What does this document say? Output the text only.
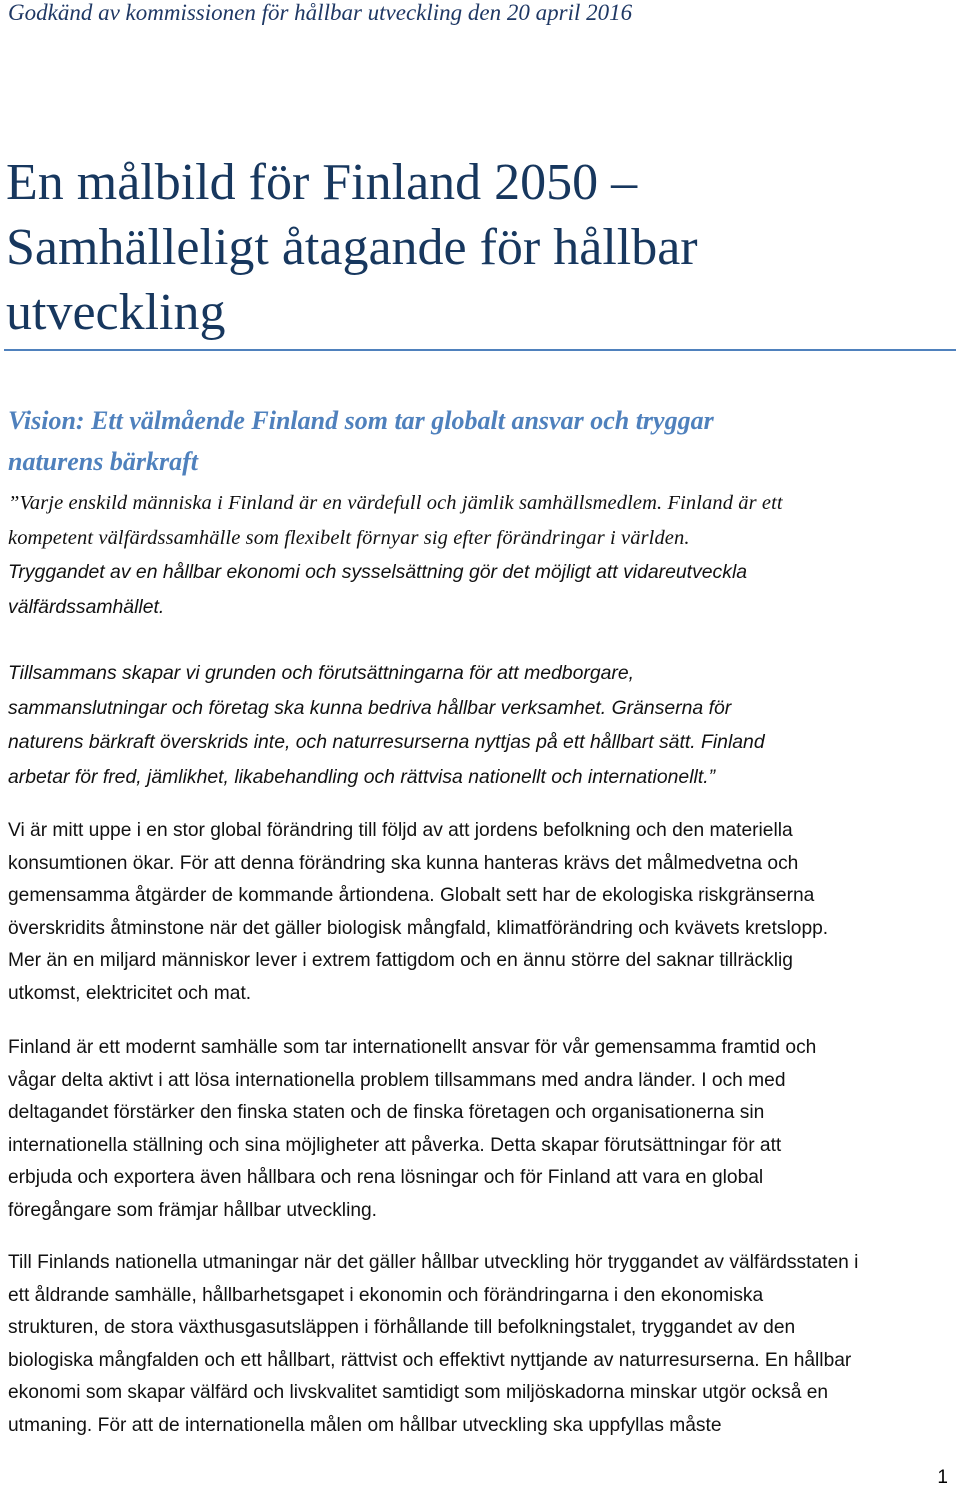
Godkänd av kommissionen för hållbar utveckling den 20 april 2016
En målbild för Finland 2050 –
Samhälleligt åtagande för hållbar
utveckling
Vision: Ett välmående Finland som tar globalt ansvar och tryggar
naturens bärkraft
”Varje enskild människa i Finland är en värdefull och jämlik samhällsmedlem. Finland är ett
kompetent välfärdssamhälle som flexibelt förnyar sig efter förändringar i världen.
Tryggandet av en hållbar ekonomi och sysselsättning gör det möjligt att vidareutveckla
välfärdssamhället.
Tillsammans skapar vi grunden och förutsättningarna för att medborgare,
sammanslutningar och företag ska kunna bedriva hållbar verksamhet. Gränserna för
naturens bärkraft överskrids inte, och naturresurserna nyttjas på ett hållbart sätt. Finland
arbetar för fred, jämlikhet, likabehandling och rättvisa nationellt och internationellt.”
Vi är mitt uppe i en stor global förändring till följd av att jordens befolkning och den materiella
konsumtionen ökar. För att denna förändring ska kunna hanteras krävs det målmedvetna och
gemensamma åtgärder de kommande årtiondena. Globalt sett har de ekologiska riskgränserna
överskridits åtminstone när det gäller biologisk mångfald, klimatförändring och kvävets kretslopp.
Mer än en miljard människor lever i extrem fattigdom och en ännu större del saknar tillräcklig
utkomst, elektricitet och mat.
Finland är ett modernt samhälle som tar internationellt ansvar för vår gemensamma framtid och
vågar delta aktivt i att lösa internationella problem tillsammans med andra länder. I och med
deltagandet förstärker den finska staten och de finska företagen och organisationerna sin
internationella ställning och sina möjligheter att påverka. Detta skapar förutsättningar för att
erbjuda och exportera även hållbara och rena lösningar och för Finland att vara en global
föregångare som främjar hållbar utveckling.
Till Finlands nationella utmaningar när det gäller hållbar utveckling hör tryggandet av välfärdsstaten i
ett åldrande samhälle, hållbarhetsgapet i ekonomin och förändringarna i den ekonomiska
strukturen, de stora växthusgasutsläppen i förhållande till befolkningstalet, tryggandet av den
biologiska mångfalden och ett hållbart, rättvist och effektivt nyttjande av naturresurserna. En hållbar
ekonomi som skapar välfärd och livskvalitet samtidigt som miljöskadorna minskar utgör också en
utmaning. För att de internationella målen om hållbar utveckling ska uppfyllas måste
1
